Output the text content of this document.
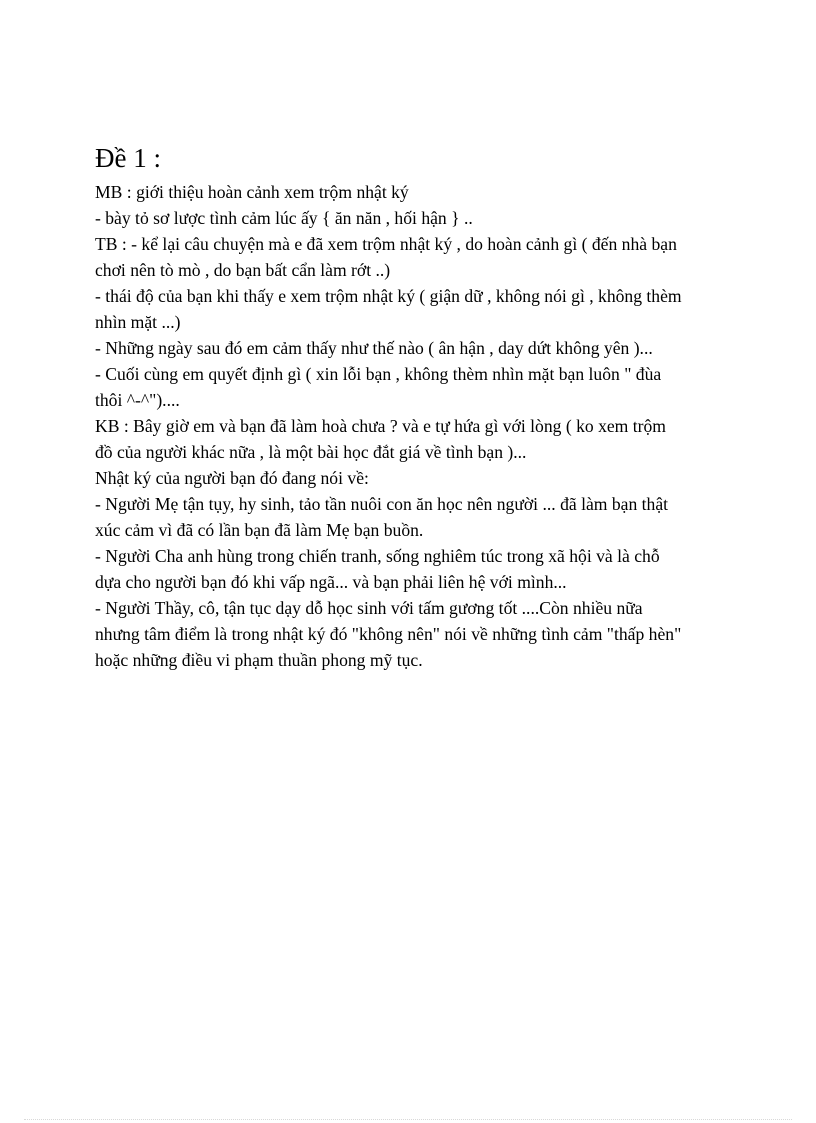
Đề 1 :

MB : giới thiệu hoàn cảnh xem trộm nhật ký

- bày tỏ sơ lược tình cảm lúc ấy { ăn năn , hối hận } ..

TB : - kể lại câu chuyện mà e đã xem trộm nhật ký , do hoàn cảnh gì ( đến nhà bạn

chơi nên tò mò , do bạn bất cẩn làm rớt ..)

- thái độ của bạn khi thấy e xem trộm nhật ký ( giận dữ , không nói gì , không thèm

nhìn mặt ...)

- Những ngày sau đó em cảm thấy như thế nào ( ân hận , day dứt không yên )...

- Cuối cùng em quyết định gì ( xin lỗi bạn , không thèm nhìn mặt bạn luôn " đùa

thôi ^-^")....

KB : Bây giờ em và bạn đã làm hoà chưa ? và e tự hứa gì với lòng ( ko xem trộm

đồ của người khác nữa , là một bài học đắt giá về tình bạn )...

Nhật ký của người bạn đó đang nói về:

- Người Mẹ tận tụy, hy sinh, tảo tần nuôi con ăn học nên người ... đã làm bạn thật

xúc cảm vì đã có lần bạn đã làm Mẹ bạn buồn.

- Người Cha anh hùng trong chiến tranh, sống nghiêm túc trong xã hội và là chỗ

dựa cho người bạn đó khi vấp ngã... và bạn phải liên hệ với mình...

- Người Thầy, cô, tận tục dạy dỗ học sinh với tấm gương tốt ....Còn nhiều nữa

nhưng tâm điểm là trong nhật ký đó "không nên" nói về những tình cảm "thấp hèn"

hoặc những điều vi phạm thuần phong mỹ tục.
